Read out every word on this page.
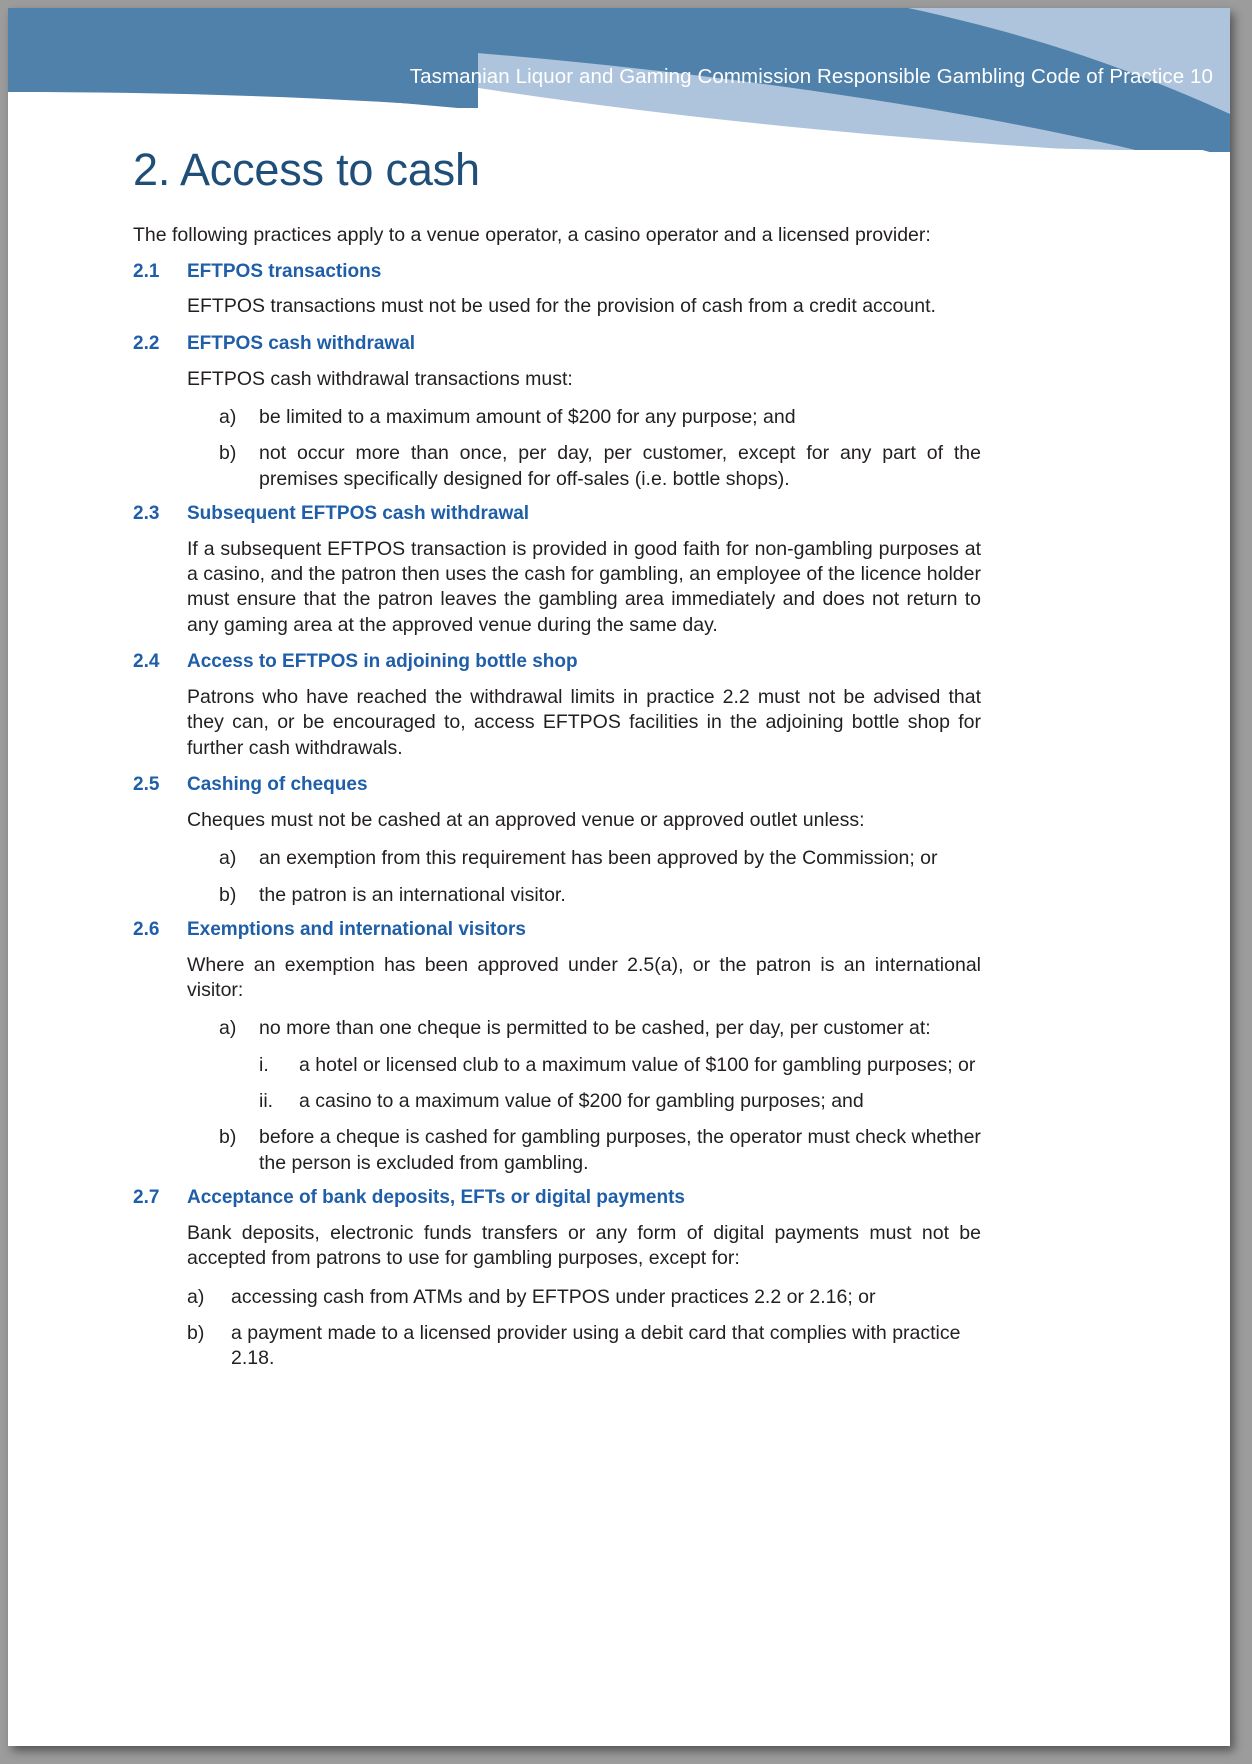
Tasmanian Liquor and Gaming Commission Responsible Gambling Code of Practice 10
2. Access to cash

The following practices apply to a venue operator, a casino operator and a licensed provider:

2.1	EFTPOS transactions

EFTPOS transactions must not be used for the provision of cash from a credit account.

2.2	EFTPOS cash withdrawal

EFTPOS cash withdrawal transactions must:

a)	be limited to a maximum amount of $200 for any purpose; and
b)	not occur more than once, per day, per customer, except for any part of the premises specifically designed for off-sales (i.e. bottle shops).
2.3	Subsequent EFTPOS cash withdrawal

If a subsequent EFTPOS transaction is provided in good faith for non-gambling purposes at a casino, and the patron then uses the cash for gambling, an employee of the licence holder must ensure that the patron leaves the gambling area immediately and does not return to any gaming area at the approved venue during the same day.

2.4	Access to EFTPOS in adjoining bottle shop

Patrons who have reached the withdrawal limits in practice 2.2 must not be advised that they can, or be encouraged to, access EFTPOS facilities in the adjoining bottle shop for further cash withdrawals.

2.5	Cashing of cheques

Cheques must not be cashed at an approved venue or approved outlet unless:

a)	an exemption from this requirement has been approved by the Commission; or
b)	the patron is an international visitor.
2.6	Exemptions and international visitors

Where an exemption has been approved under 2.5(a), or the patron is an international visitor:

a)	no more than one cheque is permitted to be cashed, per day, per customer at:
i.	a hotel or licensed club to a maximum value of $100 for gambling purposes; or
ii.	a casino to a maximum value of $200 for gambling purposes; and
b)	before a cheque is cashed for gambling purposes, the operator must check whether the person is excluded from gambling.
2.7	Acceptance of bank deposits, EFTs or digital payments

Bank deposits, electronic funds transfers or any form of digital payments must not be accepted from patrons to use for gambling purposes, except for:

a)	accessing cash from ATMs and by EFTPOS under practices 2.2 or 2.16; or
b)	a payment made to a licensed provider using a debit card that complies with practice 2.18.
